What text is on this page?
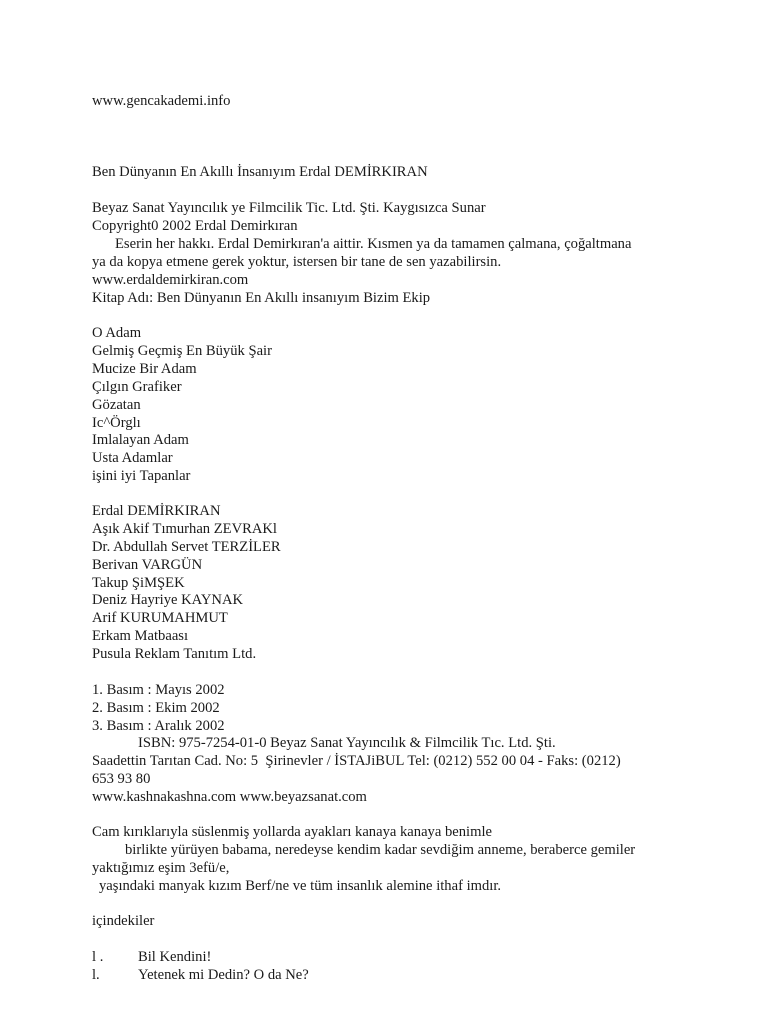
www.gencakademi.info
Ben Dünyanın En Akıllı İnsanıyım Erdal DEMİRKIRAN
Beyaz Sanat Yayıncılık ye Filmcilik Tic. Ltd. Şti. Kaygısızca Sunar
Copyright0 2002 Erdal Demirkıran
Eserin her hakkı. Erdal Demirkıran'a aittir. Kısmen ya da tamamen çalmana, çoğaltmana
ya da kopya etmene gerek yoktur, istersen bir tane de sen yazabilirsin.
www.erdaldemirkiran.com
Kitap Adı: Ben Dünyanın En Akıllı insanıyım Bizim Ekip
O Adam
Gelmiş Geçmiş En Büyük Şair
Mucize Bir Adam
Çılgın Grafiker
Gözatan
Ic^Örglı
Imlalayan Adam
Usta Adamlar
işini iyi Tapanlar
Erdal DEMİRKIRAN
Aşık Akif Tımurhan ZEVRAKl
Dr. Abdullah Servet TERZİLER
Berivan VARGÜN
Takup ŞiMŞEK
Deniz Hayriye KAYNAK
Arif KURUMAHMUT
Erkam Matbaası
Pusula Reklam Tanıtım Ltd.
1. Basım : Mayıs 2002
2. Basım : Ekim 2002
3. Basım : Aralık 2002
ISBN: 975-7254-01-0 Beyaz Sanat Yayıncılık & Filmcilik Tıc. Ltd. Şti.
Saadettin Tarıtan Cad. No: 5  Şirinevler / İSTAJiBUL Tel: (0212) 552 00 04 - Faks: (0212)
653 93 80
www.kashnakashna.com www.beyazsanat.com
Cam kırıklarıyla süslenmiş yollarda ayakları kanaya kanaya benimle
birlikte yürüyen babama, neredeyse kendim kadar sevdiğim anneme, beraberce gemiler
yaktığımız eşim 3efü/e,
yaşındaki manyak kızım Berf/ne ve tüm insanlık alemine ithaf imdır.
içindekiler
l . Bil Kendini!
l.	Yetenek mi Dedin? O da Ne?
